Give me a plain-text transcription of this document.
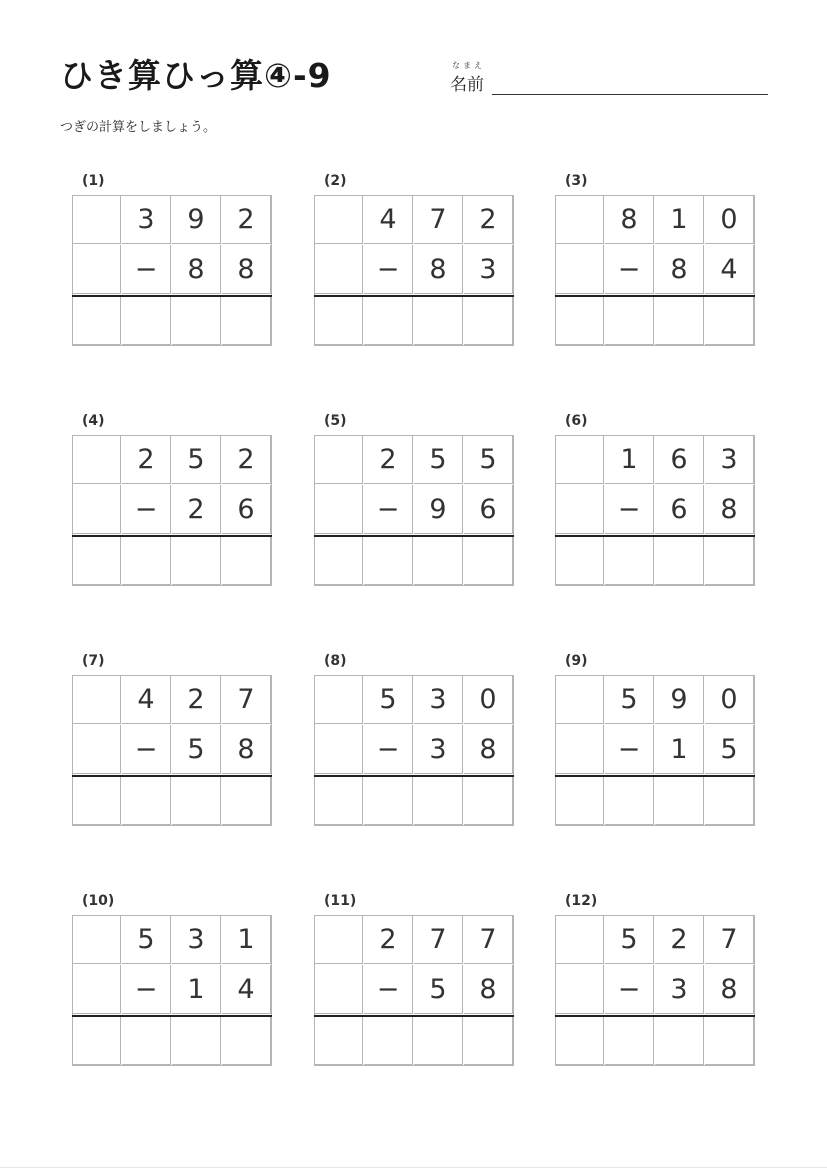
ひき算ひっ算④-9	なまえ
名前
つぎの計算をしましょう。
(1)
3	9	2
−	8	8
(2)
4	7	2
−	8	3
(3)
8	1	0
−	8	4
(4)
2	5	2
−	2	6
(5)
2	5	5
−	9	6
(6)
1	6	3
−	6	8
(7)
4	2	7
−	5	8
(8)
5	3	0
−	3	8
(9)
5	9	0
−	1	5
(10)
5	3	1
−	1	4
(11)
2	7	7
−	5	8
(12)
5	2	7
−	3	8
